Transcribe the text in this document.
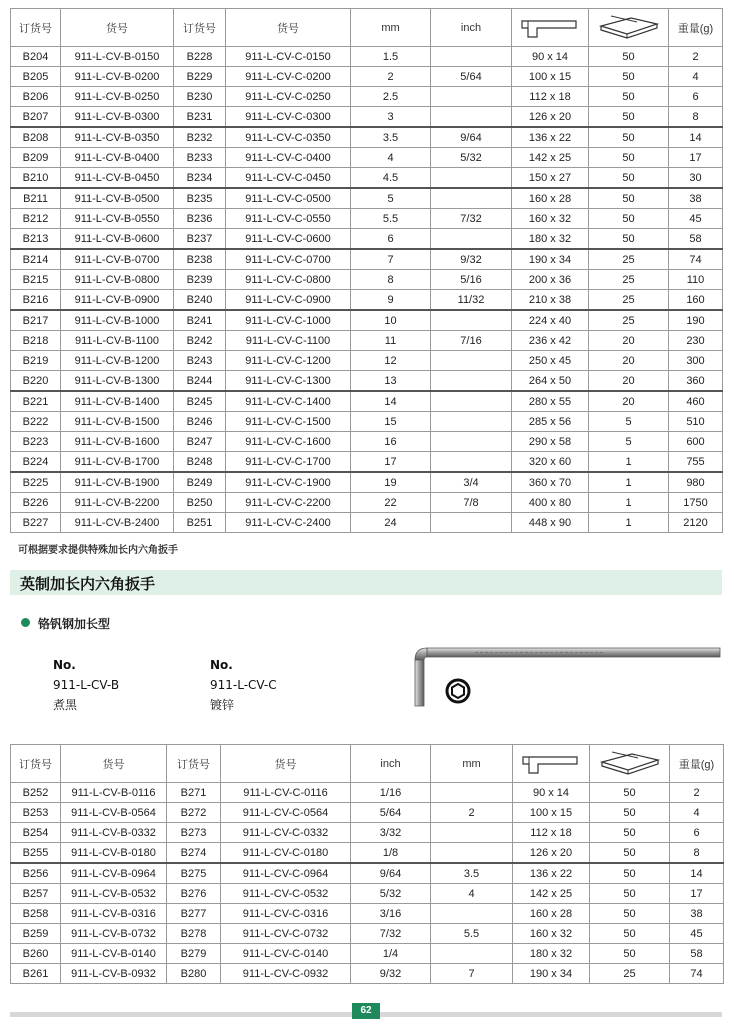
订货号	货号	订货号	货号	mm	inch			重量(g)
B204	911-L-CV-B-0150	B228	911-L-CV-C-0150	1.5		90 x 14	50	2
B205	911-L-CV-B-0200	B229	911-L-CV-C-0200	2	5/64	100 x 15	50	4
B206	911-L-CV-B-0250	B230	911-L-CV-C-0250	2.5		112 x 18	50	6
B207	911-L-CV-B-0300	B231	911-L-CV-C-0300	3		126 x 20	50	8
B208	911-L-CV-B-0350	B232	911-L-CV-C-0350	3.5	9/64	136 x 22	50	14
B209	911-L-CV-B-0400	B233	911-L-CV-C-0400	4	5/32	142 x 25	50	17
B210	911-L-CV-B-0450	B234	911-L-CV-C-0450	4.5		150 x 27	50	30
B211	911-L-CV-B-0500	B235	911-L-CV-C-0500	5		160 x 28	50	38
B212	911-L-CV-B-0550	B236	911-L-CV-C-0550	5.5	7/32	160 x 32	50	45
B213	911-L-CV-B-0600	B237	911-L-CV-C-0600	6		180 x 32	50	58
B214	911-L-CV-B-0700	B238	911-L-CV-C-0700	7	9/32	190 x 34	25	74
B215	911-L-CV-B-0800	B239	911-L-CV-C-0800	8	5/16	200 x 36	25	110
B216	911-L-CV-B-0900	B240	911-L-CV-C-0900	9	11/32	210 x 38	25	160
B217	911-L-CV-B-1000	B241	911-L-CV-C-1000	10		224 x 40	25	190
B218	911-L-CV-B-1100	B242	911-L-CV-C-1100	11	7/16	236 x 42	20	230
B219	911-L-CV-B-1200	B243	911-L-CV-C-1200	12		250 x 45	20	300
B220	911-L-CV-B-1300	B244	911-L-CV-C-1300	13		264 x 50	20	360
B221	911-L-CV-B-1400	B245	911-L-CV-C-1400	14		280 x 55	20	460
B222	911-L-CV-B-1500	B246	911-L-CV-C-1500	15		285 x 56	5	510
B223	911-L-CV-B-1600	B247	911-L-CV-C-1600	16		290 x 58	5	600
B224	911-L-CV-B-1700	B248	911-L-CV-C-1700	17		320 x 60	1	755
B225	911-L-CV-B-1900	B249	911-L-CV-C-1900	19	3/4	360 x 70	1	980
B226	911-L-CV-B-2200	B250	911-L-CV-C-2200	22	7/8	400 x 80	1	1750
B227	911-L-CV-B-2400	B251	911-L-CV-C-2400	24		448 x 90	1	2120
可根据要求提供特殊加长内六角扳手
英制加长内六角扳手
铬钒钢加长型
No.
911-L-CV-B
煮黑
No.
911-L-CV-C
镀锌
订货号	货号	订货号	货号	inch	mm			重量(g)
B252	911-L-CV-B-0116	B271	911-L-CV-C-0116	1/16		90 x 14	50	2
B253	911-L-CV-B-0564	B272	911-L-CV-C-0564	5/64	2	100 x 15	50	4
B254	911-L-CV-B-0332	B273	911-L-CV-C-0332	3/32		112 x 18	50	6
B255	911-L-CV-B-0180	B274	911-L-CV-C-0180	1/8		126 x 20	50	8
B256	911-L-CV-B-0964	B275	911-L-CV-C-0964	9/64	3.5	136 x 22	50	14
B257	911-L-CV-B-0532	B276	911-L-CV-C-0532	5/32	4	142 x 25	50	17
B258	911-L-CV-B-0316	B277	911-L-CV-C-0316	3/16		160 x 28	50	38
B259	911-L-CV-B-0732	B278	911-L-CV-C-0732	7/32	5.5	160 x 32	50	45
B260	911-L-CV-B-0140	B279	911-L-CV-C-0140	1/4		180 x 32	50	58
B261	911-L-CV-B-0932	B280	911-L-CV-C-0932	9/32	7	190 x 34	25	74
62
